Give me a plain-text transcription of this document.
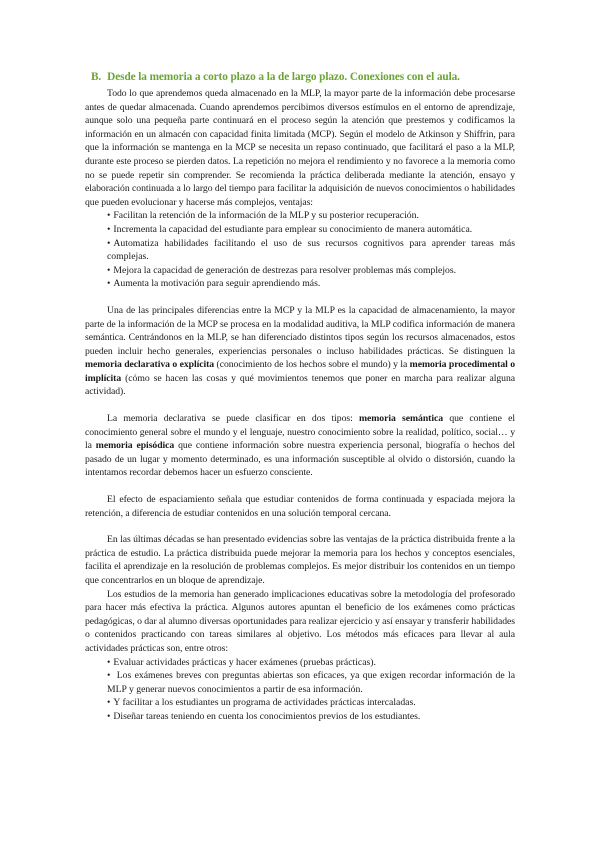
B. Desde la memoria a corto plazo a la de largo plazo. Conexiones con el aula.

Todo lo que aprendemos queda almacenado en la MLP, la mayor parte de la información debe procesarse antes de quedar almacenada. Cuando aprendemos percibimos diversos estímulos en el entorno de aprendizaje, aunque solo una pequeña parte continuará en el proceso según la atención que prestemos y codificamos la información en un almacén con capacidad finita limitada (MCP). Según el modelo de Atkinson y Shiffrin, para que la información se mantenga en la MCP se necesita un repaso continuado, que facilitará el paso a la MLP, durante este proceso se pierden datos. La repetición no mejora el rendimiento y no favorece a la memoria como no se puede repetir sin comprender. Se recomienda la práctica deliberada mediante la atención, ensayo y elaboración continuada a lo largo del tiempo para facilitar la adquisición de nuevos conocimientos o habilidades que pueden evolucionar y hacerse más complejos, ventajas:

• Facilitan la retención de la información de la MLP y su posterior recuperación.
• Incrementa la capacidad del estudiante para emplear su conocimiento de manera automática.
• Automatiza habilidades facilitando el uso de sus recursos cognitivos para aprender tareas más complejas.
• Mejora la capacidad de generación de destrezas para resolver problemas más complejos.
• Aumenta la motivación para seguir aprendiendo más.

Una de las principales diferencias entre la MCP y la MLP es la capacidad de almacenamiento, la mayor parte de la información de la MCP se procesa en la modalidad auditiva, la MLP codifica información de manera semántica. Centrándonos en la MLP, se han diferenciado distintos tipos según los recursos almacenados, estos pueden incluir hecho generales, experiencias personales o incluso habilidades prácticas. Se distinguen la memoria declarativa o explícita (conocimiento de los hechos sobre el mundo) y la memoria procedimental o implícita (cómo se hacen las cosas y qué movimientos tenemos que poner en marcha para realizar alguna actividad).

La memoria declarativa se puede clasificar en dos tipos: memoria semántica que contiene el conocimiento general sobre el mundo y el lenguaje, nuestro conocimiento sobre la realidad, político, social… y la memoria episódica que contiene información sobre nuestra experiencia personal, biografía o hechos del pasado de un lugar y momento determinado, es una información susceptible al olvido o distorsión, cuando la intentamos recordar debemos hacer un esfuerzo consciente.

El efecto de espaciamiento señala que estudiar contenidos de forma continuada y espaciada mejora la retención, a diferencia de estudiar contenidos en una solución temporal cercana.

En las últimas décadas se han presentado evidencias sobre las ventajas de la práctica distribuida frente a la práctica de estudio. La práctica distribuida puede mejorar la memoria para los hechos y conceptos esenciales, facilita el aprendizaje en la resolución de problemas complejos. Es mejor distribuir los contenidos en un tiempo que concentrarlos en un bloque de aprendizaje.

Los estudios de la memoria han generado implicaciones educativas sobre la metodología del profesorado para hacer más efectiva la práctica. Algunos autores apuntan el beneficio de los exámenes como prácticas pedagógicas, o dar al alumno diversas oportunidades para realizar ejercicio y así ensayar y transferir habilidades o contenidos practicando con tareas similares al objetivo. Los métodos más eficaces para llevar al aula actividades prácticas son, entre otros:

• Evaluar actividades prácticas y hacer exámenes (pruebas prácticas).
• Los exámenes breves con preguntas abiertas son eficaces, ya que exigen recordar información de la MLP y generar nuevos conocimientos a partir de esa información.
• Y facilitar a los estudiantes un programa de actividades prácticas intercaladas.
• Diseñar tareas teniendo en cuenta los conocimientos previos de los estudiantes.
